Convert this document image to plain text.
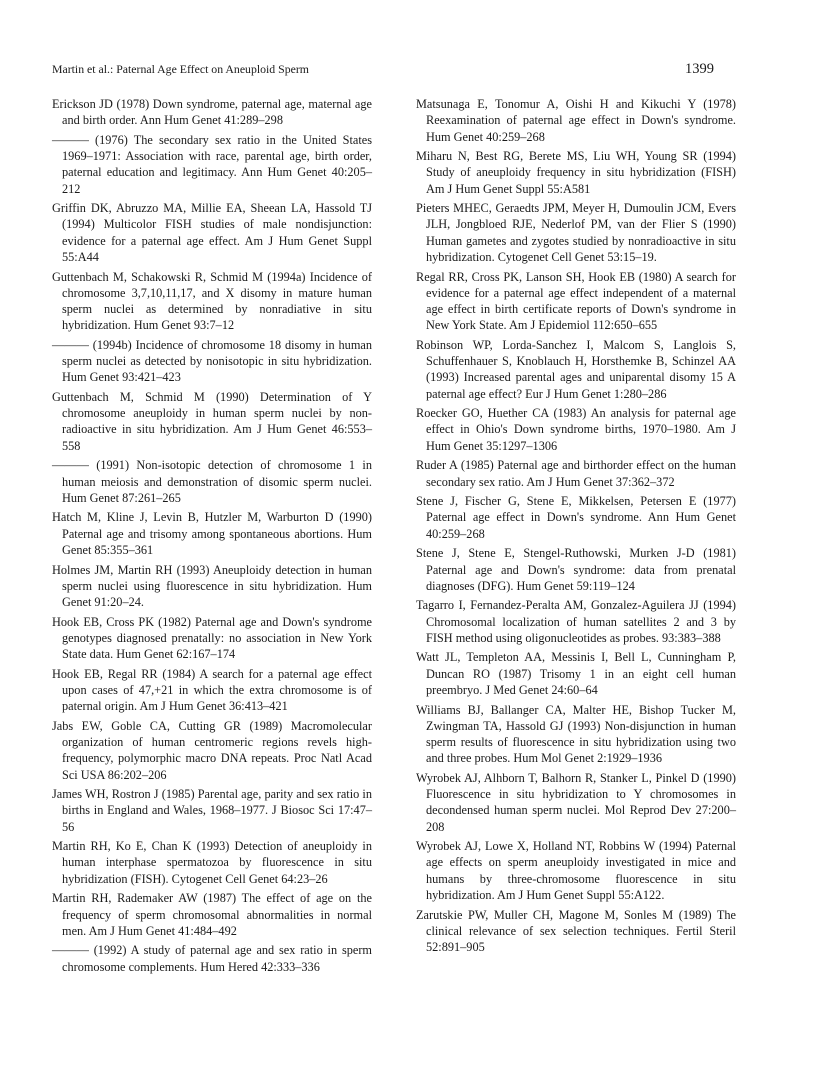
Martin et al.: Paternal Age Effect on Aneuploid Sperm	1399

Erickson JD (1978) Down syndrome, paternal age, maternal age and birth order. Ann Hum Genet 41:289–298

——— (1976) The secondary sex ratio in the United States 1969–1971: Association with race, parental age, birth order, paternal education and legitimacy. Ann Hum Genet 40:205–212

Griffin DK, Abruzzo MA, Millie EA, Sheean LA, Hassold TJ (1994) Multicolor FISH studies of male nondisjunction: evidence for a paternal age effect. Am J Hum Genet Suppl 55:A44

Guttenbach M, Schakowski R, Schmid M (1994a) Incidence of chromosome 3,7,10,11,17, and X disomy in mature human sperm nuclei as determined by nonradiative in situ hybridization. Hum Genet 93:7–12

——— (1994b) Incidence of chromosome 18 disomy in human sperm nuclei as detected by nonisotopic in situ hybridization. Hum Genet 93:421–423

Guttenbach M, Schmid M (1990) Determination of Y chromosome aneuploidy in human sperm nuclei by non-radioactive in situ hybridization. Am J Hum Genet 46:553–558

——— (1991) Non-isotopic detection of chromosome 1 in human meiosis and demonstration of disomic sperm nuclei. Hum Genet 87:261–265

Hatch M, Kline J, Levin B, Hutzler M, Warburton D (1990) Paternal age and trisomy among spontaneous abortions. Hum Genet 85:355–361

Holmes JM, Martin RH (1993) Aneuploidy detection in human sperm nuclei using fluorescence in situ hybridization. Hum Genet 91:20–24.

Hook EB, Cross PK (1982) Paternal age and Down's syndrome genotypes diagnosed prenatally: no association in New York State data. Hum Genet 62:167–174

Hook EB, Regal RR (1984) A search for a paternal age effect upon cases of 47,+21 in which the extra chromosome is of paternal origin. Am J Hum Genet 36:413–421

Jabs EW, Goble CA, Cutting GR (1989) Macromolecular organization of human centromeric regions revels high-frequency, polymorphic macro DNA repeats. Proc Natl Acad Sci USA 86:202–206

James WH, Rostron J (1985) Parental age, parity and sex ratio in births in England and Wales, 1968–1977. J Biosoc Sci 17:47–56

Martin RH, Ko E, Chan K (1993) Detection of aneuploidy in human interphase spermatozoa by fluorescence in situ hybridization (FISH). Cytogenet Cell Genet 64:23–26

Martin RH, Rademaker AW (1987) The effect of age on the frequency of sperm chromosomal abnormalities in normal men. Am J Hum Genet 41:484–492

——— (1992) A study of paternal age and sex ratio in sperm chromosome complements. Hum Hered 42:333–336

Matsunaga E, Tonomur A, Oishi H and Kikuchi Y (1978) Reexamination of paternal age effect in Down's syndrome. Hum Genet 40:259–268

Miharu N, Best RG, Berete MS, Liu WH, Young SR (1994) Study of aneuploidy frequency in situ hybridization (FISH) Am J Hum Genet Suppl 55:A581

Pieters MHEC, Geraedts JPM, Meyer H, Dumoulin JCM, Evers JLH, Jongbloed RJE, Nederlof PM, van der Flier S (1990) Human gametes and zygotes studied by nonradioactive in situ hybridization. Cytogenet Cell Genet 53:15–19.

Regal RR, Cross PK, Lanson SH, Hook EB (1980) A search for evidence for a paternal age effect independent of a maternal age effect in birth certificate reports of Down's syndrome in New York State. Am J Epidemiol 112:650–655

Robinson WP, Lorda-Sanchez I, Malcom S, Langlois S, Schuffenhauer S, Knoblauch H, Horsthemke B, Schinzel AA (1993) Increased parental ages and uniparental disomy 15 A paternal age effect? Eur J Hum Genet 1:280–286

Roecker GO, Huether CA (1983) An analysis for paternal age effect in Ohio's Down syndrome births, 1970–1980. Am J Hum Genet 35:1297–1306

Ruder A (1985) Paternal age and birthorder effect on the human secondary sex ratio. Am J Hum Genet 37:362–372

Stene J, Fischer G, Stene E, Mikkelsen, Petersen E (1977) Paternal age effect in Down's syndrome. Ann Hum Genet 40:259–268

Stene J, Stene E, Stengel-Ruthowski, Murken J-D (1981) Paternal age and Down's syndrome: data from prenatal diagnoses (DFG). Hum Genet 59:119–124

Tagarro I, Fernandez-Peralta AM, Gonzalez-Aguilera JJ (1994) Chromosomal localization of human satellites 2 and 3 by FISH method using oligonucleotides as probes. 93:383–388

Watt JL, Templeton AA, Messinis I, Bell L, Cunningham P, Duncan RO (1987) Trisomy 1 in an eight cell human preembryo. J Med Genet 24:60–64

Williams BJ, Ballanger CA, Malter HE, Bishop Tucker M, Zwingman TA, Hassold GJ (1993) Non-disjunction in human sperm results of fluorescence in situ hybridization using two and three probes. Hum Mol Genet 2:1929–1936

Wyrobek AJ, Alhborn T, Balhorn R, Stanker L, Pinkel D (1990) Fluorescence in situ hybridization to Y chromosomes in decondensed human sperm nuclei. Mol Reprod Dev 27:200–208

Wyrobek AJ, Lowe X, Holland NT, Robbins W (1994) Paternal age effects on sperm aneuploidy investigated in mice and humans by three-chromosome fluorescence in situ hybridization. Am J Hum Genet Suppl 55:A122.

Zarutskie PW, Muller CH, Magone M, Sonles M (1989) The clinical relevance of sex selection techniques. Fertil Steril 52:891–905
